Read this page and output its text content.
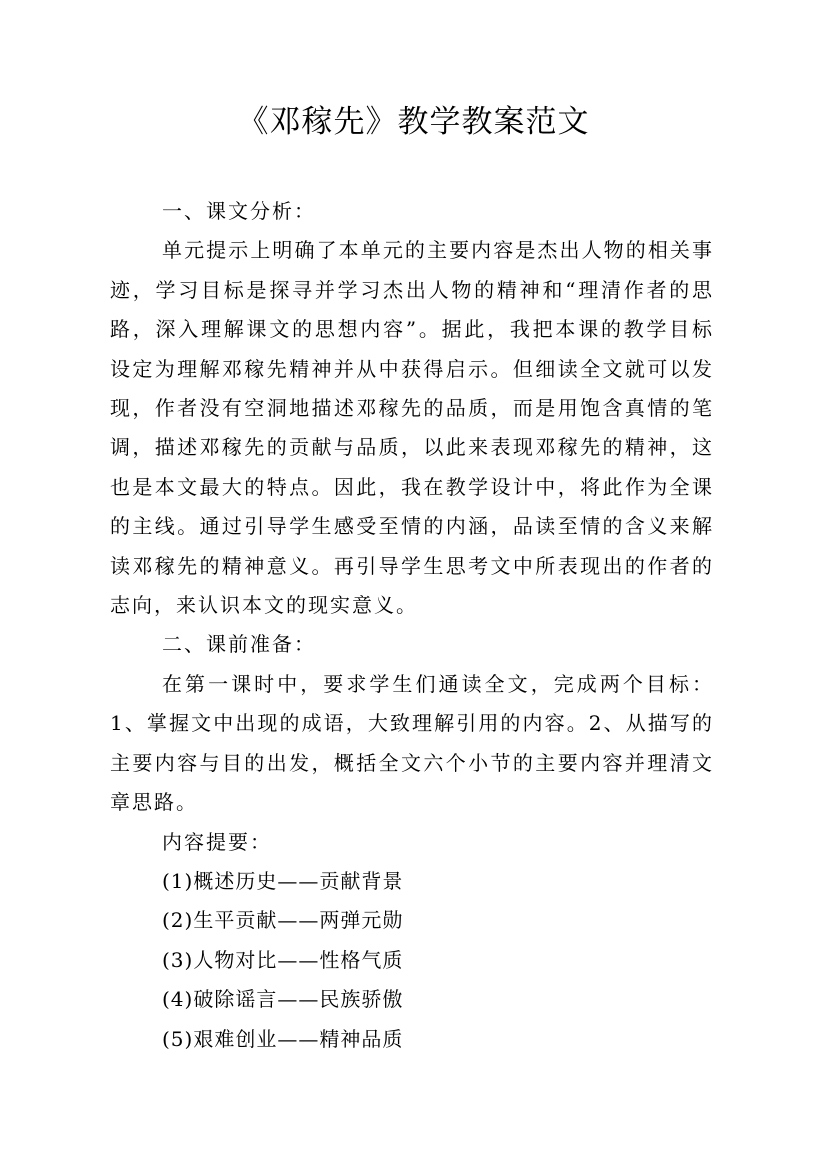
《邓稼先》教学教案范文

一、课文分析：

单元提示上明确了本单元的主要内容是杰出人物的相关事迹，学习目标是探寻并学习杰出人物的精神和“理清作者的思路，深入理解课文的思想内容”。据此，我把本课的教学目标设定为理解邓稼先精神并从中获得启示。但细读全文就可以发现，作者没有空洞地描述邓稼先的品质，而是用饱含真情的笔调，描述邓稼先的贡献与品质，以此来表现邓稼先的精神，这也是本文最大的特点。因此，我在教学设计中，将此作为全课的主线。通过引导学生感受至情的内涵，品读至情的含义来解读邓稼先的精神意义。再引导学生思考文中所表现出的作者的志向，来认识本文的现实意义。

二、课前准备：

在第一课时中，要求学生们通读全文，完成两个目标：1、掌握文中出现的成语，大致理解引用的内容。2、从描写的主要内容与目的出发，概括全文六个小节的主要内容并理清文章思路。

内容提要：

(1)概述历史——贡献背景

(2)生平贡献——两弹元勋

(3)人物对比——性格气质

(4)破除谣言——民族骄傲

(5)艰难创业——精神品质
